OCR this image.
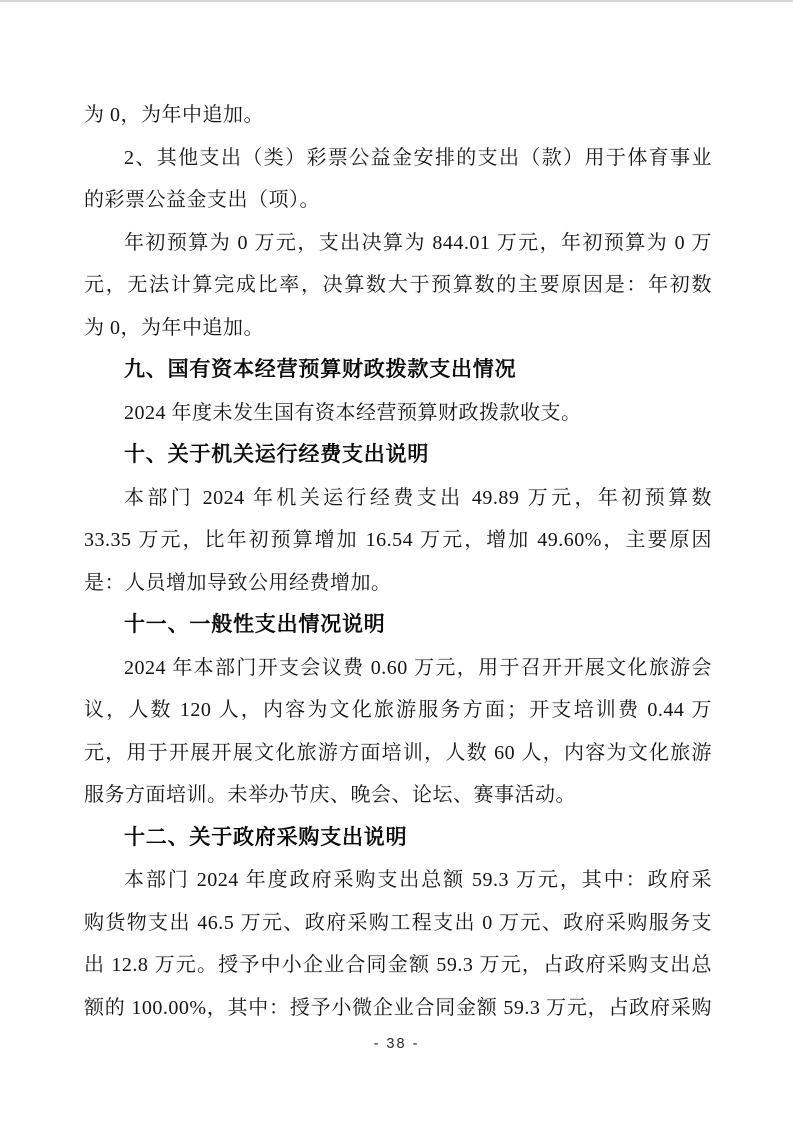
为 0，为年中追加。
2、其他支出（类）彩票公益金安排的支出（款）用于体育事业
的彩票公益金支出（项）。
年初预算为 0 万元，支出决算为 844.01 万元，年初预算为 0 万
元，无法计算完成比率，决算数大于预算数的主要原因是：年初数
为 0，为年中追加。
九、国有资本经营预算财政拨款支出情况
2024 年度未发生国有资本经营预算财政拨款收支。
十、关于机关运行经费支出说明
本部门 2024 年机关运行经费支出 49.89 万元，年初预算数
33.35 万元，比年初预算增加 16.54 万元，增加 49.60%，主要原因
是：人员增加导致公用经费增加。
十一、一般性支出情况说明
2024 年本部门开支会议费 0.60 万元，用于召开开展文化旅游会
议，人数 120 人，内容为文化旅游服务方面；开支培训费 0.44 万
元，用于开展开展文化旅游方面培训，人数 60 人，内容为文化旅游
服务方面培训。未举办节庆、晚会、论坛、赛事活动。
十二、关于政府采购支出说明
本部门 2024 年度政府采购支出总额 59.3 万元，其中：政府采
购货物支出 46.5 万元、政府采购工程支出 0 万元、政府采购服务支
出 12.8 万元。授予中小企业合同金额 59.3 万元，占政府采购支出总
额的 100.00%，其中：授予小微企业合同金额 59.3 万元，占政府采购
- 38 -
